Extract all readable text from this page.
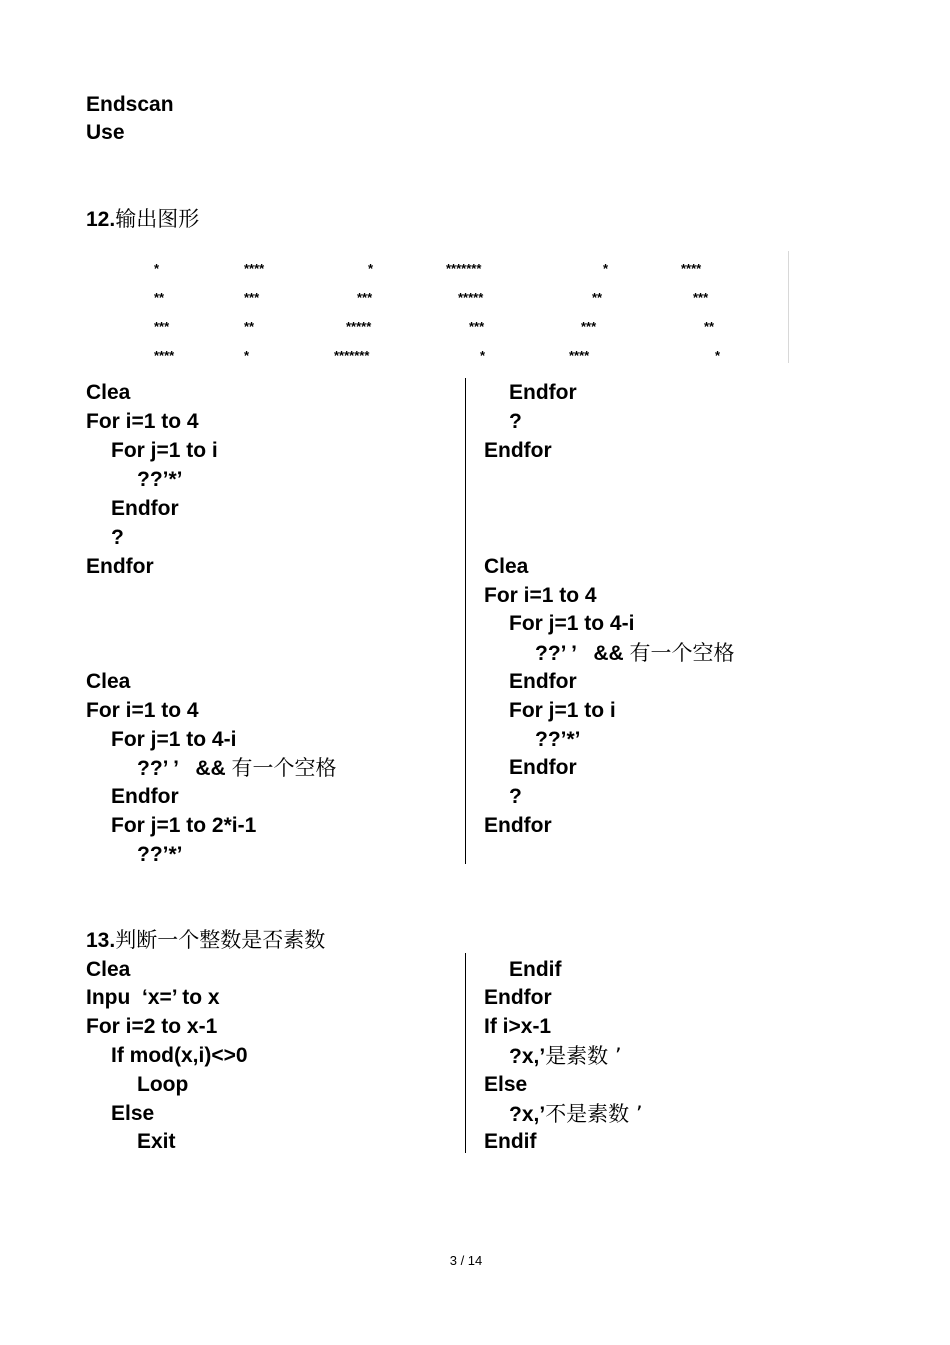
Endscan
Use
12.输出图形
*	****	*	*******	*	****
**	***	***	*****	**	***
***	**	*****	***	***	**
****	*	*******	*	****	*
Clea
For i=1 to 4
For j=1 to i
??’*’
Endfor
?
Endfor
Clea
For i=1 to 4
For j=1 to 4-i
??’ ’   && 有一个空格
Endfor
For j=1 to 2*i-1
??’*’
Endfor
?
Endfor
Clea
For i=1 to 4
For j=1 to 4-i
??’ ’   && 有一个空格
Endfor
For j=1 to i
??’*’
Endfor
?
Endfor
13.判断一个整数是否素数
Clea
Inpu  ‘x=’ to x
For i=2 to x-1
If mod(x,i)<>0
Loop
Else
Exit
Endif
Endfor
If i>x-1
?x,’是素数 ’
Else
?x,’不是素数 ’
Endif
3 / 14
